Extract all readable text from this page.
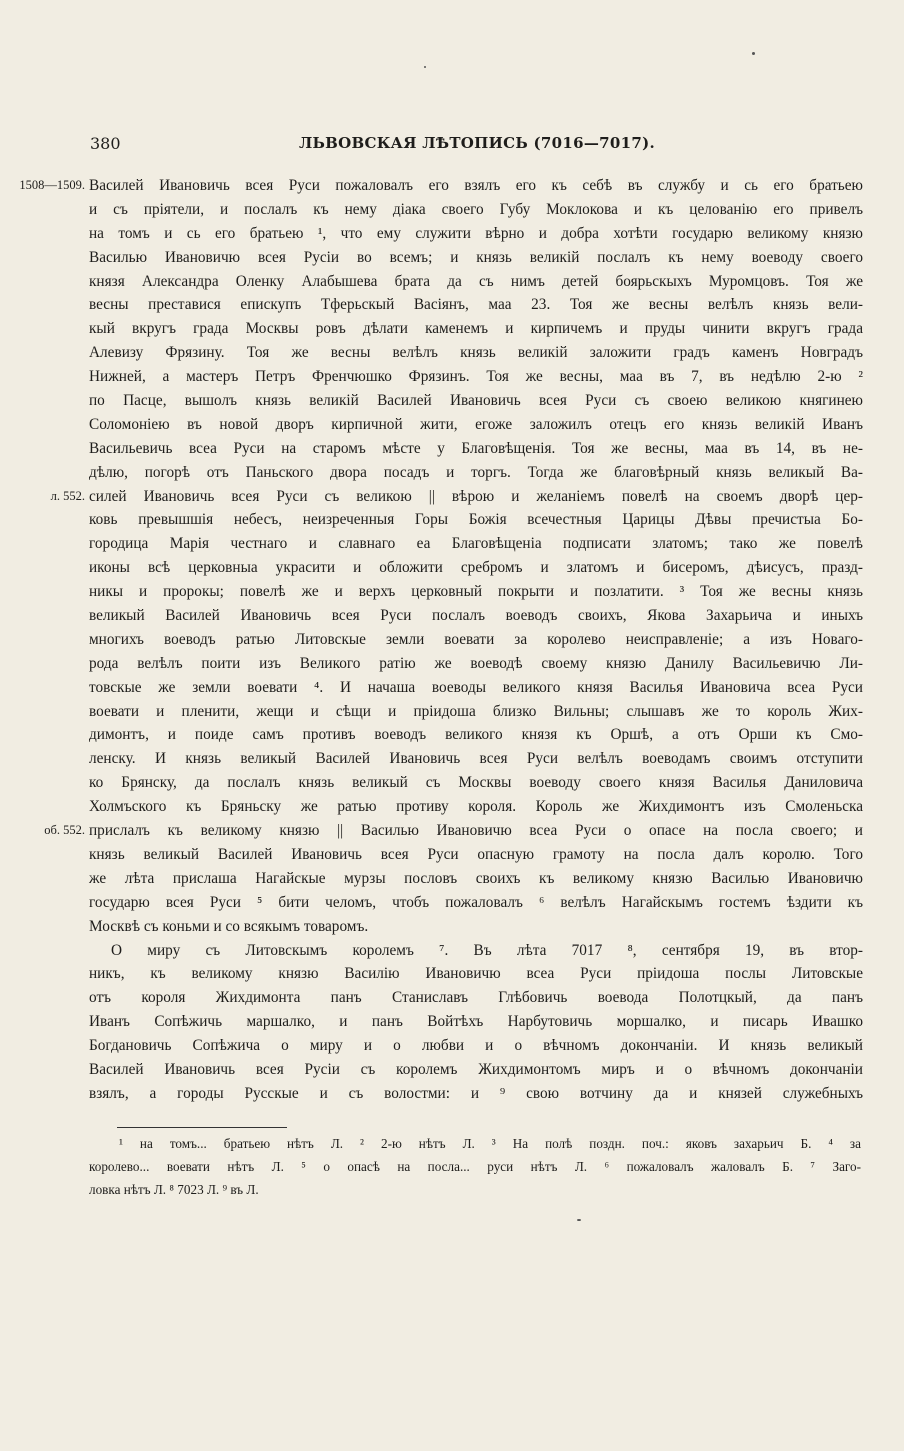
380	ЛЬВОВСКАЯ ЛѢТОПИСЬ (7016—7017).
1508—1509. Василей Ивановичь всея Руси пожаловалъ его взялъ его къ себѣ въ службу и сь его братьею
и съ пріятели, и послалъ къ нему діака своего Губу Моклокова и къ целованію его привелъ
на томъ и сь его братьею ¹, что ему служити вѣрно и добра хотѣти государю великому князю
Василью Ивановичю всея Русіи во всемъ; и князь великій послалъ къ нему воеводу своего
князя Александра Оленку Алабышева брата да съ нимъ детей боярьскыхъ Муромцовъ. Тоя же
весны преставися епискупъ Тферьскый Васіянъ, маа 23. Тоя же весны велѣлъ князь вели-
кый вкругъ града Москвы ровъ дѣлати каменемъ и кирпичемъ и пруды чинити вкругъ града
Алевизу Фрязину. Тоя же весны велѣлъ князь великій заложити градъ каменъ Новградъ
Нижней, а мастеръ Петръ Френчюшко Фрязинъ. Тоя же весны, маа въ 7, въ недѣлю 2-ю ²
по Пасце, вышолъ князь великій Василей Ивановичь всея Руси съ своею великою княгинею
Соломоніею въ новой дворъ кирпичной жити, егоже заложилъ отецъ его князь великій Иванъ
Васильевичь всеа Руси на старомъ мѣсте у Благовѣщенія. Тоя же весны, маа въ 14, въ не-
дѣлю, погорѣ отъ Паньского двора посадъ и торгъ. Тогда же благовѣрный князь великый Ва-
л. 552. силей Ивановичь всея Руси съ великою || вѣрою и желаніемъ повелѣ на своемъ дворѣ цер-
ковь превышшія небесъ, неизреченныя Горы Божія всечестныя Царицы Дѣвы пречистыа Бо-
городица Марія честнаго и славнаго еа Благовѣщеніа подписати златомъ; тако же повелѣ
иконы всѣ церковныа украсити и обложити сребромъ и златомъ и бисеромъ, дѣисусъ, празд-
никы и пророкы; повелѣ же и верхъ церковный покрыти и позлатити. ³ Тоя же весны князь
великый Василей Ивановичь всея Руси послалъ воеводъ своихъ, Якова Захарьича и иныхъ
многихъ воеводъ ратью Литовскые земли воевати за королево неисправленіе; а изъ Новаго-
рода велѣлъ поити изъ Великого ратію же воеводѣ своему князю Данилу Васильевичю Ли-
товскые же земли воевати ⁴. И начаша воеводы великого князя Василья Ивановича всеа Руси
воевати и пленити, жещи и сѣщи и пріидоша близко Вильны; слышавъ же то король Жих-
димонтъ, и поиде самъ противъ воеводъ великого князя къ Оршѣ, а отъ Орши къ Смо-
ленску. И князь великый Василей Ивановичь всея Руси велѣлъ воеводамъ своимъ отступити
ко Брянску, да послалъ князь великый съ Москвы воеводу своего князя Василья Даниловича
Холмъского къ Бряньску же ратью противу короля. Король же Жихдимонтъ изъ Смоленьска
об. 552. прислалъ къ великому князю || Василью Ивановичю всеа Руси о опасе на посла своего; и
князь великый Василей Ивановичь всея Руси опасную грамоту на посла далъ королю. Того
же лѣта прислаша Нагайскые мурзы пословъ своихъ къ великому князю Василью Ивановичю
государю всея Руси ⁵ бити челомъ, чтобъ пожаловалъ ⁶ велѣлъ Нагайскымъ гостемъ ѣздити къ
Москвѣ съ коньми и со всякымъ товаромъ.
О миру съ Литовскымъ королемъ ⁷. Въ лѣта 7017 ⁸, сентября 19, въ втор-
никъ, къ великому князю Василію Ивановичю всеа Руси пріидоша послы Литовскые
отъ короля Жихдимонта панъ Станиславъ Глѣбовичь воевода Полотцкый, да панъ
Иванъ Сопѣжичь маршалко, и панъ Войтѣхъ Нарбутовичь моршалко, и писарь Ивашко
Богдановичь Сопѣжича о миру и о любви и о вѣчномъ докончаніи. И князь великый
Василей Ивановичь всея Русіи съ королемъ Жихдимонтомъ миръ и о вѣчномъ докончаніи
взялъ, а городы Русскые и съ волостми: и ⁹ свою вотчину да и князей служебныхъ
¹ на томъ... братьею нѣтъ Л. ² 2-ю нѣтъ Л. ³ На полѣ поздн. поч.: яковъ захарьич Б. ⁴ за
королево... воевати нѣтъ Л. ⁵ о опасѣ на посла... руси нѣтъ Л. ⁶ пожаловалъ жаловалъ Б. ⁷ Заго-
ловка нѣтъ Л. ⁸ 7023 Л. ⁹ въ Л.
